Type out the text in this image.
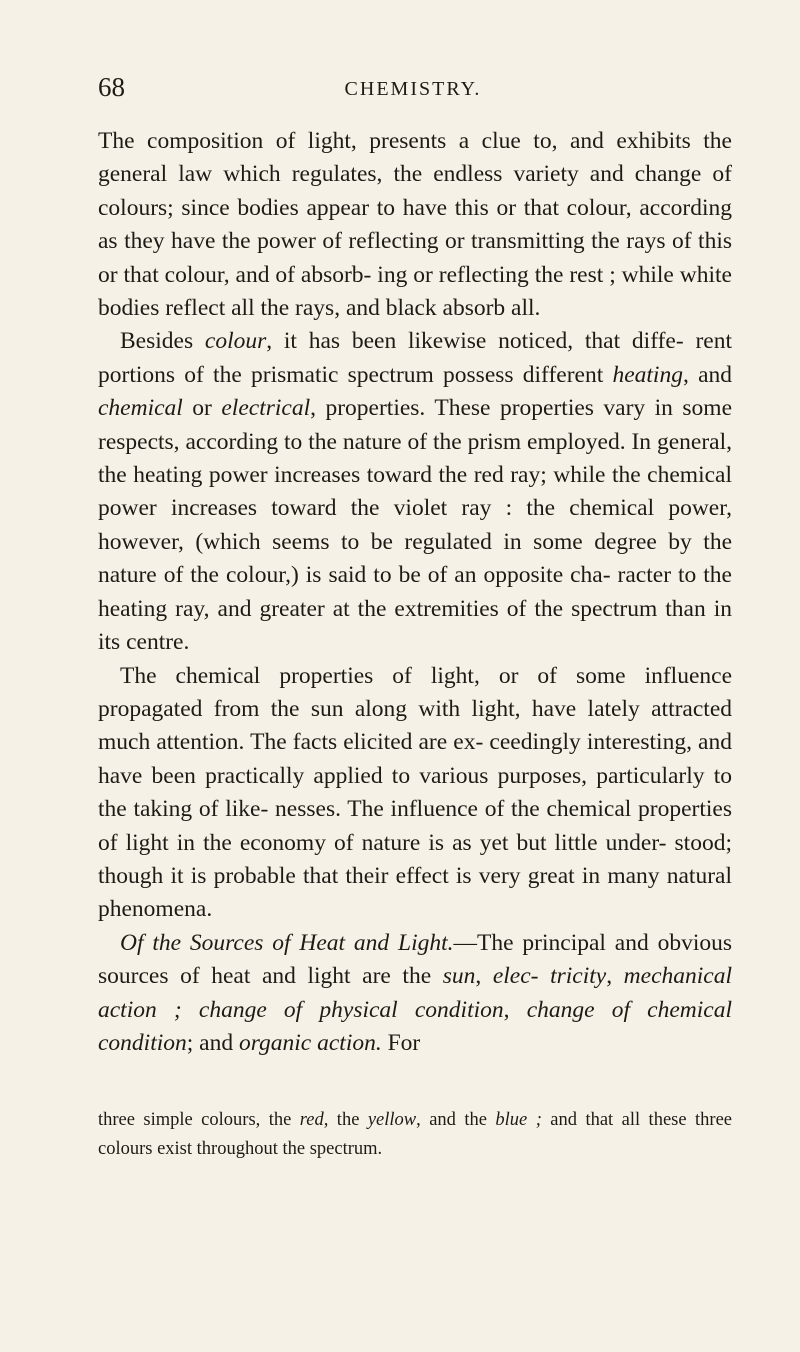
68	CHEMISTRY.

The composition of light, presents a clue to, and exhibits the general law which regulates, the endless variety and change of colours; since bodies appear to have this or that colour, according as they have the power of reflecting or transmitting the rays of this or that colour, and of absorb- ing or reflecting the rest ; while white bodies reflect all the rays, and black absorb all.

Besides colour, it has been likewise noticed, that diffe- rent portions of the prismatic spectrum possess different heating, and chemical or electrical, properties. These properties vary in some respects, according to the nature of the prism employed. In general, the heating power increases toward the red ray; while the chemical power increases toward the violet ray : the chemical power, however, (which seems to be regulated in some degree by the nature of the colour,) is said to be of an opposite cha- racter to the heating ray, and greater at the extremities of the spectrum than in its centre.

The chemical properties of light, or of some influence propagated from the sun along with light, have lately attracted much attention. The facts elicited are ex- ceedingly interesting, and have been practically applied to various purposes, particularly to the taking of like- nesses. The influence of the chemical properties of light in the economy of nature is as yet but little under- stood; though it is probable that their effect is very great in many natural phenomena.

Of the Sources of Heat and Light.—The principal and obvious sources of heat and light are the sun, elec- tricity, mechanical action ; change of physical condition, change of chemical condition; and organic action. For

three simple colours, the red, the yellow, and the blue ; and that all these three colours exist throughout the spectrum.
